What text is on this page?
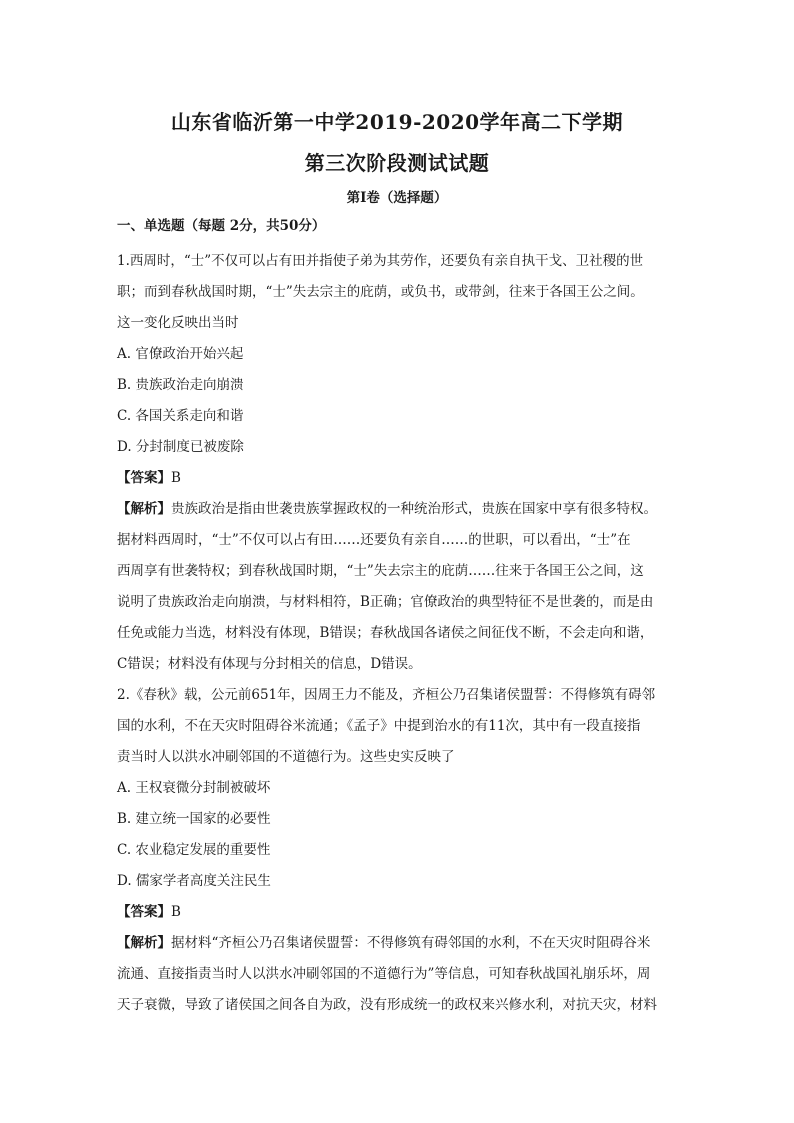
山东省临沂第一中学2019-2020学年高二下学期
第三次阶段测试试题
第Ⅰ卷（选择题）
一、单选题（每题 2分，共50分）
1.西周时，“士”不仅可以占有田并指使子弟为其劳作，还要负有亲自执干戈、卫社稷的世
职；而到春秋战国时期，“士”失去宗主的庇荫，或负书，或带剑，往来于各国王公之间。
这一变化反映出当时
A. 官僚政治开始兴起
B. 贵族政治走向崩溃
C. 各国关系走向和谐
D. 分封制度已被废除
【答案】B
【解析】贵族政治是指由世袭贵族掌握政权的一种统治形式，贵族在国家中享有很多特权。
据材料西周时，“士”不仅可以占有田……还要负有亲自……的世职，可以看出，“士”在
西周享有世袭特权；到春秋战国时期，“士”失去宗主的庇荫……往来于各国王公之间，这
说明了贵族政治走向崩溃，与材料相符，B正确；官僚政治的典型特征不是世袭的，而是由
任免或能力当选，材料没有体现，B错误；春秋战国各诸侯之间征伐不断，不会走向和谐，
C错误；材料没有体现与分封相关的信息，D错误。
2.《春秋》载，公元前651年，因周王力不能及，齐桓公乃召集诸侯盟誓：不得修筑有碍邻
国的水利，不在天灾时阻碍谷米流通；《孟子》中提到治水的有11次，其中有一段直接指
责当时人以洪水冲刷邻国的不道德行为。这些史实反映了
A. 王权衰微分封制被破坏
B. 建立统一国家的必要性
C. 农业稳定发展的重要性
D. 儒家学者高度关注民生
【答案】B
【解析】据材料“齐桓公乃召集诸侯盟誓：不得修筑有碍邻国的水利，不在天灾时阻碍谷米
流通、直接指责当时人以洪水冲刷邻国的不道德行为”等信息，可知春秋战国礼崩乐坏，周
天子衰微，导致了诸侯国之间各自为政，没有形成统一的政权来兴修水利，对抗天灾，材料
